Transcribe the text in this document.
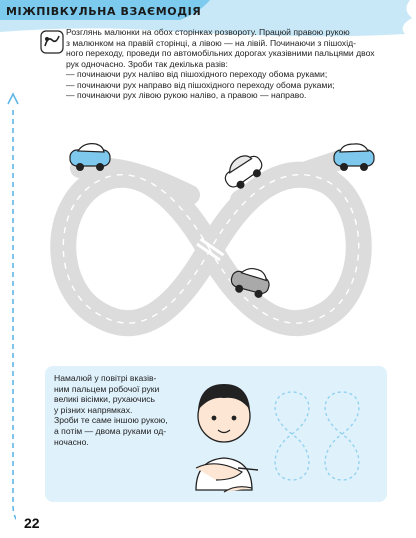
МІЖПІВКУЛЬНА ВЗАЄМОДІЯ

Розглянь малюнки на обох сторінках розвороту. Працюй правою рукою

з малюнком на правій сторінці, а лівою — на лівій. Починаючи з пішохід-

ного переходу, проведи по автомобільних дорогах указівними пальцями двох

рук одночасно. Зроби так декілька разів:

— починаючи рух наліво від пішохідного переходу обома руками;

— починаючи рух направо від пішохідного переходу обома руками;

— починаючи рух лівою рукою наліво, а правою — направо.

Намалюй у повітрі вказів-

ним пальцем робочої руки

великі вісімки, рухаючись

у різних напрямках.

Зроби те саме іншою рукою,

а потім — двома руками од-

ночасно.

22
